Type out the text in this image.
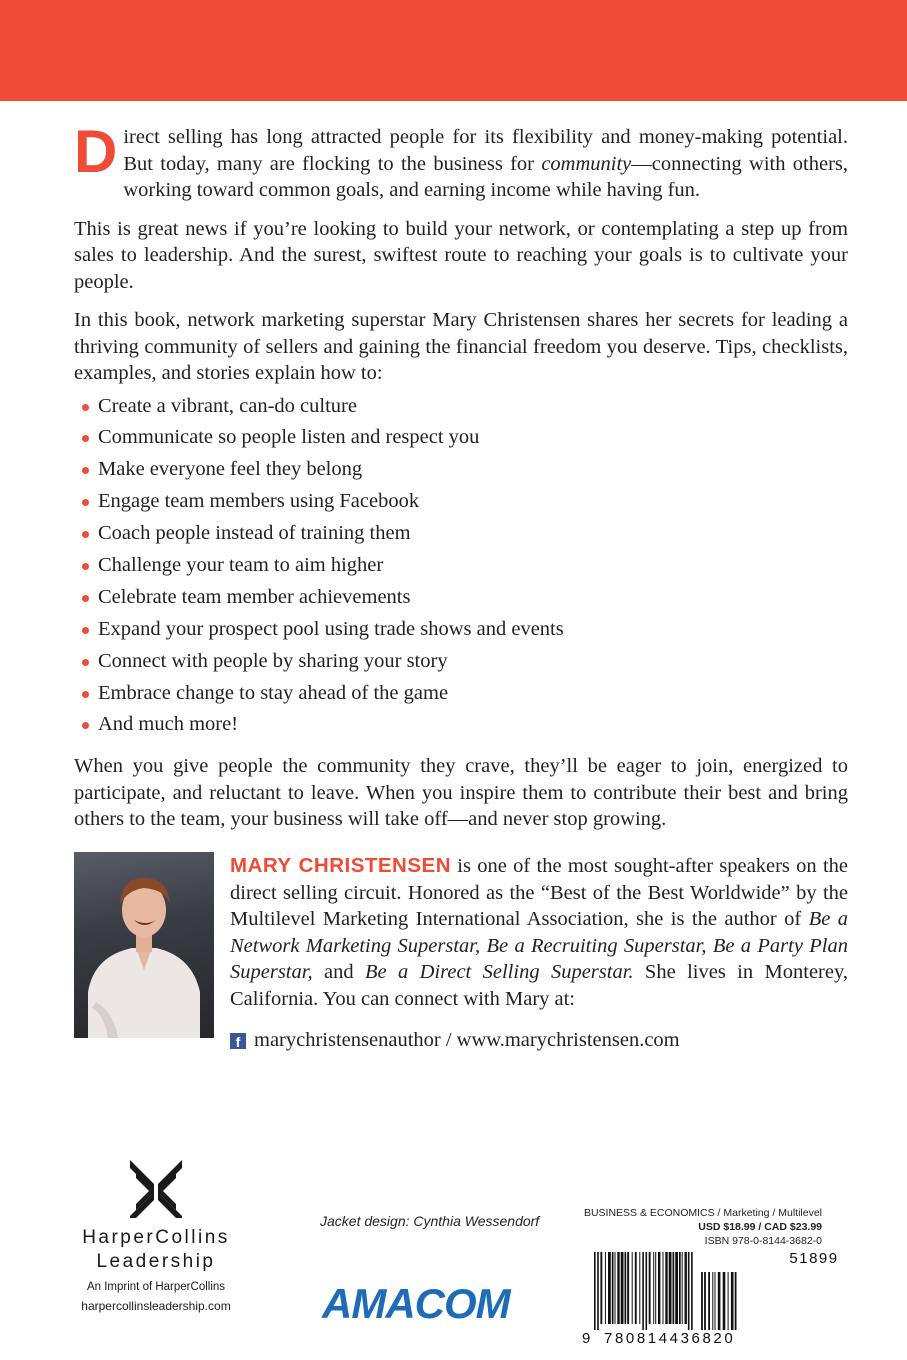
Direct selling has long attracted people for its flexibility and money-making potential. But today, many are flocking to the business for community—connecting with others, working toward common goals, and earning income while having fun.

This is great news if you’re looking to build your network, or contemplating a step up from sales to leadership. And the surest, swiftest route to reaching your goals is to cultivate your people.

In this book, network marketing superstar Mary Christensen shares her secrets for leading a thriving community of sellers and gaining the financial freedom you deserve. Tips, checklists, examples, and stories explain how to:

Create a vibrant, can-do culture
Communicate so people listen and respect you
Make everyone feel they belong
Engage team members using Facebook
Coach people instead of training them
Challenge your team to aim higher
Celebrate team member achievements
Expand your prospect pool using trade shows and events
Connect with people by sharing your story
Embrace change to stay ahead of the game
And much more!

When you give people the community they crave, they’ll be eager to join, energized to participate, and reluctant to leave. When you inspire them to contribute their best and bring others to the team, your business will take off—and never stop growing.

MARY CHRISTENSEN is one of the most sought-after speakers on the direct selling circuit. Honored as the “Best of the Best Worldwide” by the Multilevel Marketing International Association, she is the author of Be a Network Marketing Superstar, Be a Recruiting Superstar, Be a Party Plan Superstar, and Be a Direct Selling Superstar. She lives in Monterey, California. You can connect with Mary at:
f marychristensenauthor / www.marychristensen.com
HarperCollins
Leadership
An Imprint of HarperCollins
harpercollinsleadership.com
Jacket design: Cynthia Wessendorf
AMACOM
BUSINESS & ECONOMICS / Marketing / Multilevel
USD $18.99 / CAD $23.99
ISBN 978-0-8144-3682-0
51899
9 780814436820
